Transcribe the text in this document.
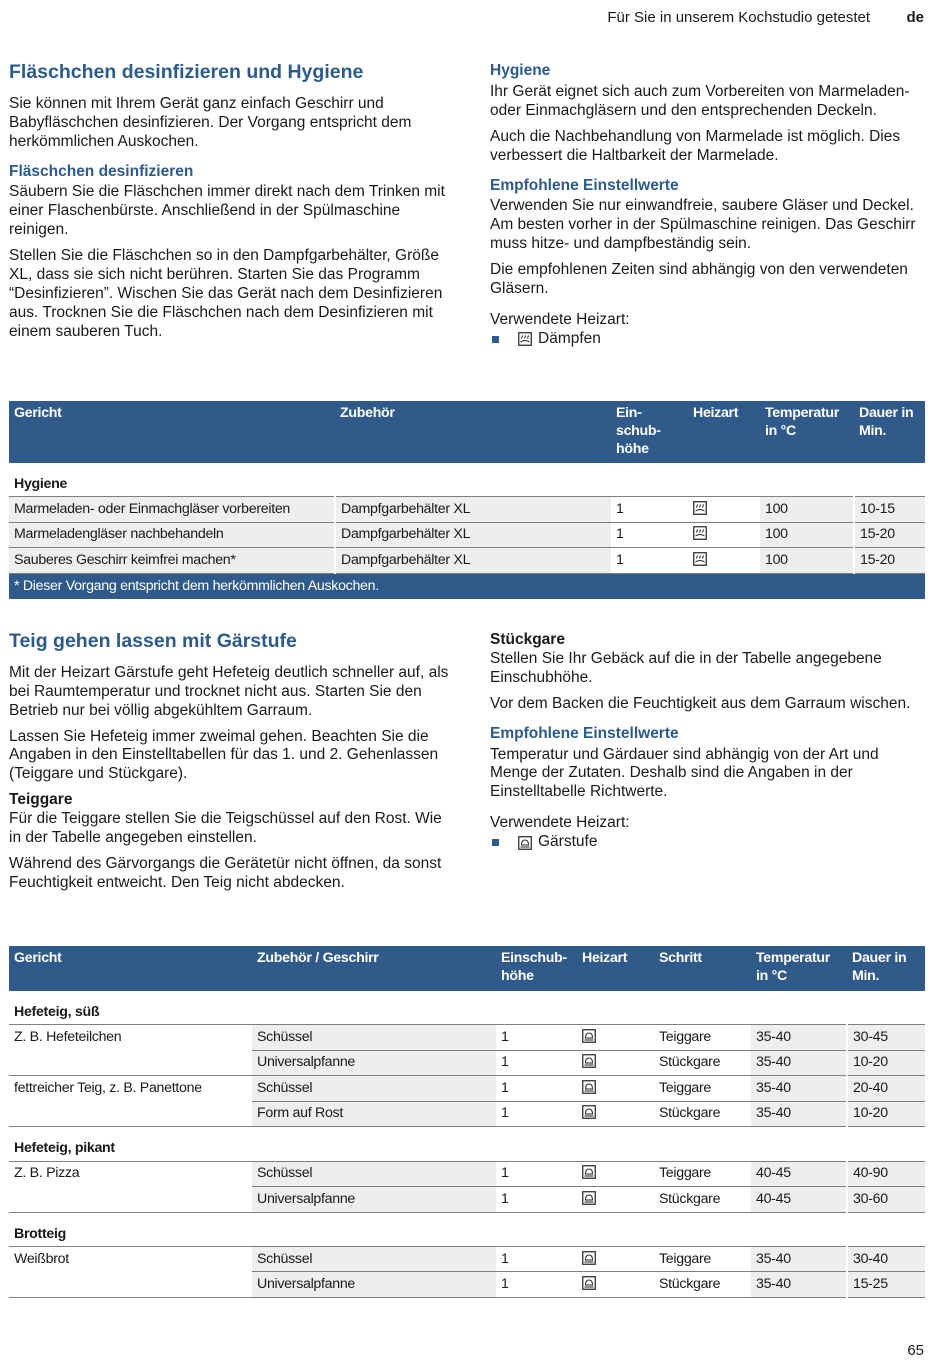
Für Sie in unserem Kochstudio getestet de
Fläschchen desinfizieren und Hygiene

Sie können mit Ihrem Gerät ganz einfach Geschirr und Babyfläschchen desinfizieren. Der Vorgang entspricht dem herkömmlichen Auskochen.

Fläschchen desinfizieren

Säubern Sie die Fläschchen immer direkt nach dem Trinken mit einer Flaschenbürste. Anschließend in der Spülmaschine reinigen.

Stellen Sie die Fläschchen so in den Dampfgarbehälter, Größe XL, dass sie sich nicht berühren. Starten Sie das Programm “Desinfizieren”. Wischen Sie das Gerät nach dem Desinfizieren aus. Trocknen Sie die Fläschchen nach dem Desinfizieren mit einem sauberen Tuch.

Hygiene

Ihr Gerät eignet sich auch zum Vorbereiten von Marmeladen- oder Einmachgläsern und den entsprechenden Deckeln.

Auch die Nachbehandlung von Marmelade ist möglich. Dies verbessert die Haltbarkeit der Marmelade.

Empfohlene Einstellwerte

Verwenden Sie nur einwandfreie, saubere Gläser und Deckel. Am besten vorher in der Spülmaschine reinigen. Das Geschirr muss hitze- und dampfbeständig sein.

Die empfohlenen Zeiten sind abhängig von den verwendeten Gläsern.

Verwendete Heizart:

Dämpfen
Gericht	Zubehör	Ein-
schub-
höhe	Heizart	Temperatur
in °C	Dauer in
Min.
Hygiene					
Marmeladen- oder Einmachgläser vorbereiten	Dampfgarbehälter XL	1		100	10-15
Marmeladengläser nachbehandeln	Dampfgarbehälter XL	1		100	15-20
Sauberes Geschirr keimfrei machen*	Dampfgarbehälter XL	1		100	15-20
* Dieser Vorgang entspricht dem herkömmlichen Auskochen.					
Teig gehen lassen mit Gärstufe

Mit der Heizart Gärstufe geht Hefeteig deutlich schneller auf, als bei Raumtemperatur und trocknet nicht aus. Starten Sie den Betrieb nur bei völlig abgekühltem Garraum.

Lassen Sie Hefeteig immer zweimal gehen. Beachten Sie die Angaben in den Einstelltabellen für das 1. und 2. Gehenlassen (Teiggare und Stückgare).

Teiggare

Für die Teiggare stellen Sie die Teigschüssel auf den Rost. Wie in der Tabelle angegeben einstellen.

Während des Gärvorgangs die Gerätetür nicht öffnen, da sonst Feuchtigkeit entweicht. Den Teig nicht abdecken.

Stückgare

Stellen Sie Ihr Gebäck auf die in der Tabelle angegebene Einschubhöhe.

Vor dem Backen die Feuchtigkeit aus dem Garraum wischen.

Empfohlene Einstellwerte

Temperatur und Gärdauer sind abhängig von der Art und Menge der Zutaten. Deshalb sind die Angaben in der Einstelltabelle Richtwerte.

Verwendete Heizart:

Gärstufe
Gericht	Zubehör / Geschirr	Einschub-
höhe	Heizart	Schritt	Temperatur
in °C	Dauer in
Min.
Hefeteig, süß						
Z. B. Hefeteilchen	Schüssel	1		Teiggare	35-40	30-45
	Universalpfanne	1		Stückgare	35-40	10-20
fettreicher Teig, z. B. Panettone	Schüssel	1		Teiggare	35-40	20-40
	Form auf Rost	1		Stückgare	35-40	10-20
Hefeteig, pikant						
Z. B. Pizza	Schüssel	1		Teiggare	40-45	40-90
	Universalpfanne	1		Stückgare	40-45	30-60
Brotteig						
Weißbrot	Schüssel	1		Teiggare	35-40	30-40
	Universalpfanne	1		Stückgare	35-40	15-25
65
